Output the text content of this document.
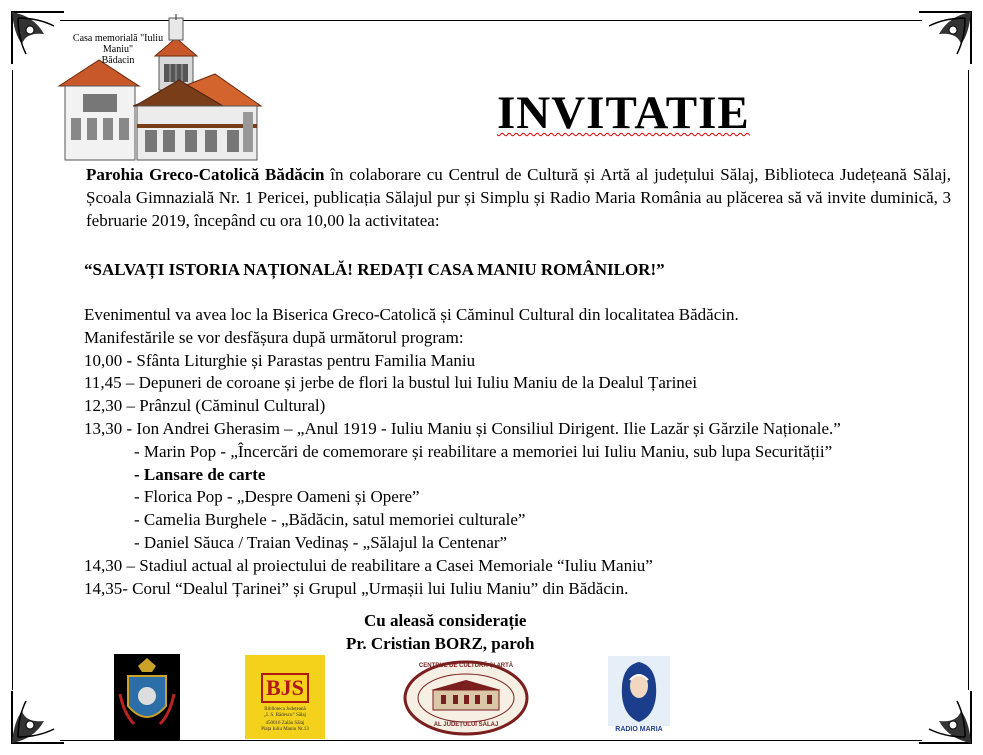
Casa memorială "Iuliu Maniu"
Bădacin
INVITATIE
Parohia Greco-Catolică Bădăcin în colaborare cu Centrul de Cultură și Artă al județului Sălaj, Biblioteca Județeană Sălaj, Școala Gimnazială Nr. 1 Pericei, publicația Sălajul pur și Simplu și Radio Maria România au plăcerea să vă invite duminică, 3 februarie 2019, începând cu ora 10,00 la activitatea:
“SALVAȚI ISTORIA NAȚIONALĂ! REDAȚI CASA MANIU ROMÂNILOR!”
Evenimentul va avea loc la Biserica Greco-Catolică și Căminul Cultural din localitatea Bădăcin.
Manifestările se vor desfășura după următorul program:
10,00 - Sfânta Liturghie și Parastas pentru Familia Maniu
11,45 – Depuneri de coroane și jerbe de flori la bustul lui Iuliu Maniu de la Dealul Țarinei
12,30 – Prânzul (Căminul Cultural)
13,30 - Ion Andrei Gherasim – „Anul 1919 - Iuliu Maniu și Consiliul Dirigent. Ilie Lazăr și Gărzile Naționale.”
- Marin Pop - „Încercări de comemorare și reabilitare a memoriei lui Iuliu Maniu, sub lupa Securității”
- Lansare de carte
- Florica Pop - „Despre Oameni și Opere”
- Camelia Burghele - „Bădăcin, satul memoriei culturale”
- Daniel Săuca / Traian Vedinaș - „Sălajul la Centenar”
14,30 – Stadiul actual al proiectului de reabilitare a Casei Memoriale “Iuliu Maniu”
14,35- Corul “Dealul Țarinei” și Grupul „Urmașii lui Iuliu Maniu” din Bădăcin.
Cu aleasă considerație
Pr. Cristian BORZ, paroh
BJS
Biblioteca Județeană
„I. S. Bădescu” Sălaj
450016 Zalău Sălaj
Piața Iuliu Maniu Nr.13
CENTRUL DE CULTURĂ ȘI ARTĂ
AL JUDEȚULUI SĂLAJ
RADIO MARIA
